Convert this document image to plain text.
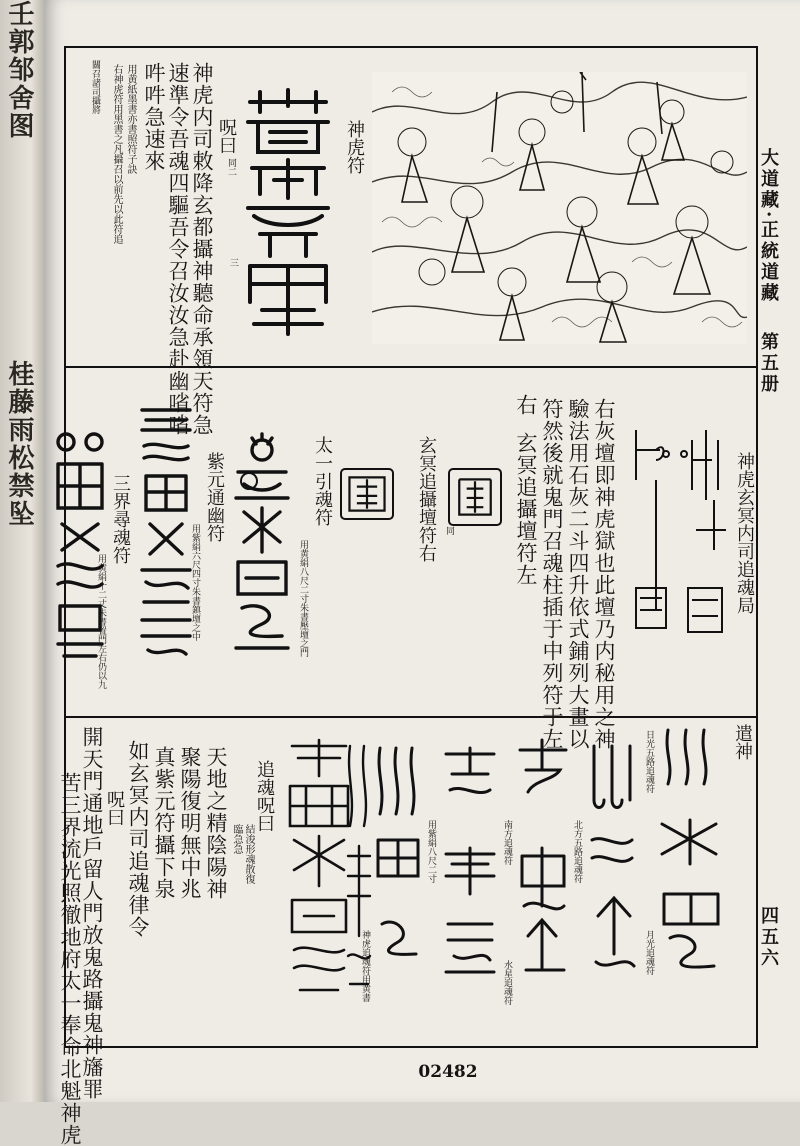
壬郭邹舍图
桂藤雨松禁坠
大道藏·正統道藏
第五册
四五六
關召諸司攝將 右神虎符用黑書之凡攝召以前先以此符追 用黄紙墨書亦書照符子訣 吽吽急速來 速準令吾魂四驅吾令召汝汝急赴幽㗂㗂 神虎内司敕降玄都攝神聽命承領天符急 呪曰
同二
三
神虎符
神虎玄冥内司追魂局
右灰壇即神虎獄也此壇乃内秘用之神
驗法用石灰二斗四升依式鋪列大畫以
符然後就鬼門召魂柱插于中列符于左
右
玄冥追攝壇符左
玄冥追攝壇符右 同
太一引魂符
用黄絹八尺二寸朱書壓壇之門
紫元通幽符
用紫絹六尺四寸朱書鎮壇之中
三界尋魂符
用黄絹十二丈朱書置門左右仍以九
遣神
日光五路追魂符
月光追魂符
北方五路追魂符
南方追魂符
水星追魂符
用紫絹八尺二寸
神虎追魂符用黄書
追魂呪曰
結浚形魂散復
臨急急
天地之精陰陽神
聚陽復明無中兆
真紫元符攝下泉
如玄冥内司追魂律令
呪曰
開天門通地戶留人門放鬼路攝鬼神旛罪	02482
苦三界流光照徹地府太一奉命北魁神虎
